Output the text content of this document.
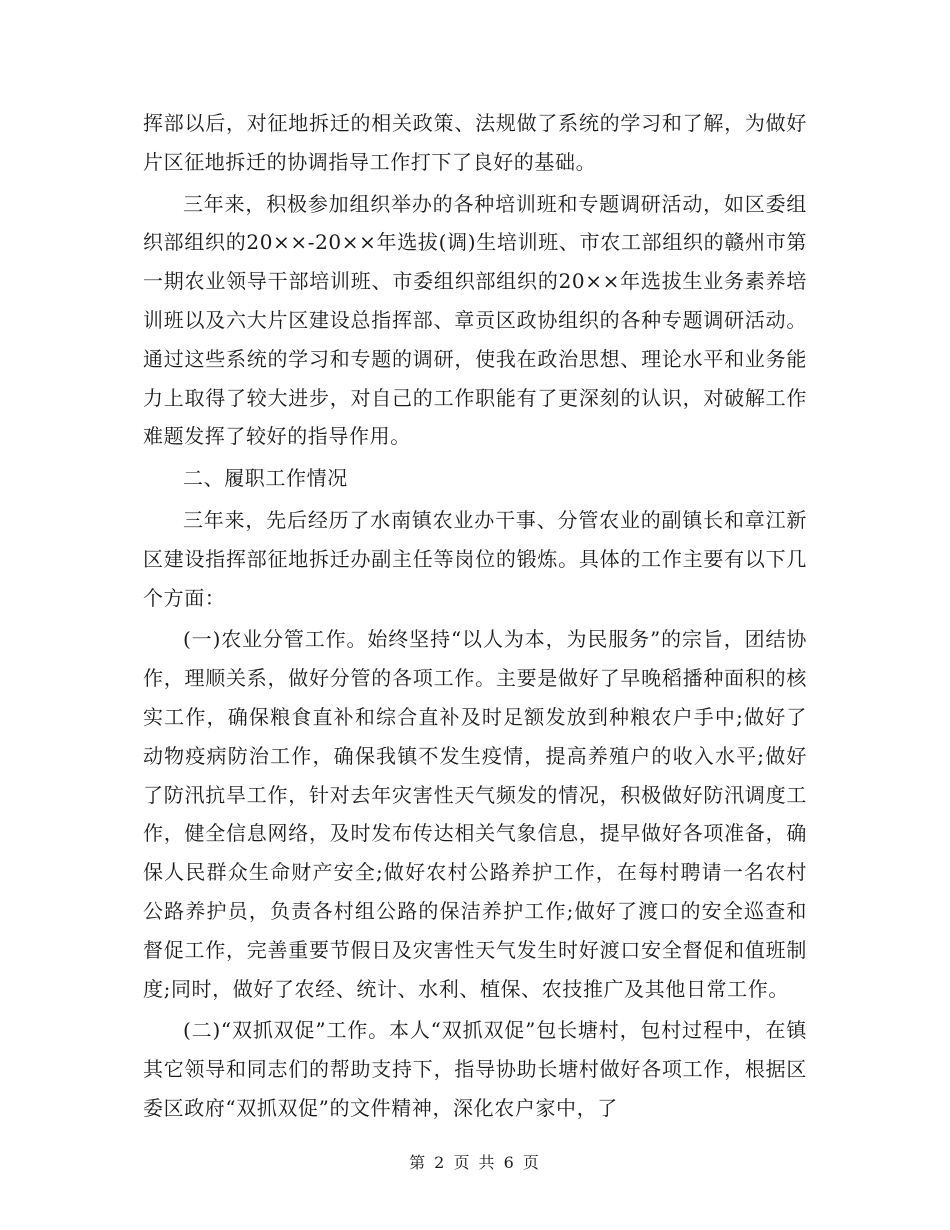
挥部以后，对征地拆迁的相关政策、法规做了系统的学习和了解，为做好片区征地拆迁的协调指导工作打下了良好的基础。

三年来，积极参加组织举办的各种培训班和专题调研活动，如区委组织部组织的20××-20××年选拔(调)生培训班、市农工部组织的赣州市第一期农业领导干部培训班、市委组织部组织的20××年选拔生业务素养培训班以及六大片区建设总指挥部、章贡区政协组织的各种专题调研活动。通过这些系统的学习和专题的调研，使我在政治思想、理论水平和业务能力上取得了较大进步，对自己的工作职能有了更深刻的认识，对破解工作难题发挥了较好的指导作用。

二、履职工作情况

三年来，先后经历了水南镇农业办干事、分管农业的副镇长和章江新区建设指挥部征地拆迁办副主任等岗位的锻炼。具体的工作主要有以下几个方面：

(一)农业分管工作。始终坚持“以人为本，为民服务”的宗旨，团结协作，理顺关系，做好分管的各项工作。主要是做好了早晚稻播种面积的核实工作，确保粮食直补和综合直补及时足额发放到种粮农户手中;做好了动物疫病防治工作，确保我镇不发生疫情，提高养殖户的收入水平;做好了防汛抗旱工作，针对去年灾害性天气频发的情况，积极做好防汛调度工作，健全信息网络，及时发布传达相关气象信息，提早做好各项准备，确保人民群众生命财产安全;做好农村公路养护工作，在每村聘请一名农村公路养护员，负责各村组公路的保洁养护工作;做好了渡口的安全巡查和督促工作，完善重要节假日及灾害性天气发生时好渡口安全督促和值班制度;同时，做好了农经、统计、水利、植保、农技推广及其他日常工作。

(二)“双抓双促”工作。本人“双抓双促”包长塘村，包村过程中，在镇其它领导和同志们的帮助支持下，指导协助长塘村做好各项工作，根据区委区政府“双抓双促”的文件精神，深化农户家中，了

第 2 页 共 6 页
